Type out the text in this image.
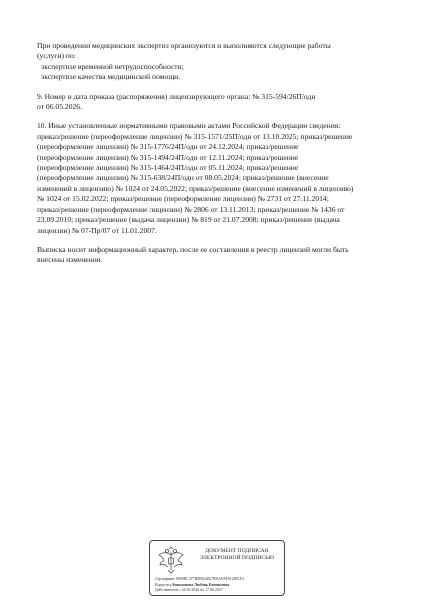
При проведении медицинских экспертиз организуются и выполняются следующие работы
(услуги) по:
экспертизе временной нетрудоспособности;
экспертизе качества медицинской помощи.

9. Номер и дата приказа (распоряжения) лицензирующего органа: № 315-594/26П/одн
от 06.05.2026.

10. Иные установленные нормативными правовыми актами Российской Федерации сведения:
приказ/решение (переоформление лицензии) № 315-1571/25П/одн от 13.10.2025; приказ/решение
(переоформление лицензии) № 315-1776/24П/одн от 24.12.2024; приказ/решение
(переоформление лицензии) № 315-1494/24П/одн от 12.11.2024; приказ/решение
(переоформление лицензии) № 315-1464/24П/одн от 05.11.2024; приказ/решение
(переоформление лицензии) № 315-638/24П/одн от 08.05.2024; приказ/решение (внесение
изменений в лицензию) № 1024 от 24.05.2022; приказ/решение (внесение изменений в лицензию)
№ 1024 от 15.02.2022; приказ/решение (переоформление лицензии) № 2731 от 27.11.2014;
приказ/решение (переоформление лицензии) № 2806 от 13.11.2013; приказ/решение № 1436 от
23.09.2010; приказ/решение (выдача лицензии) № 819 от 21.07.2008; приказ/решение (выдача
лицензии) № 07-Пр/07 от 11.01.2007.

Выписка носит информационный характер, после ее составления в реестр лицензий могли быть
внесены изменения.

ДОКУМЕНТ ПОДПИСАН
ЭЛЕКТРОННОЙ ПОДПИСЬЮ
Сертификат 8949BC477B0B6348278DA9AF912801F4
Владелец Апполонова Любовь Евгеньевна
Действителен с 24.03.2026 по 17.06.2027
